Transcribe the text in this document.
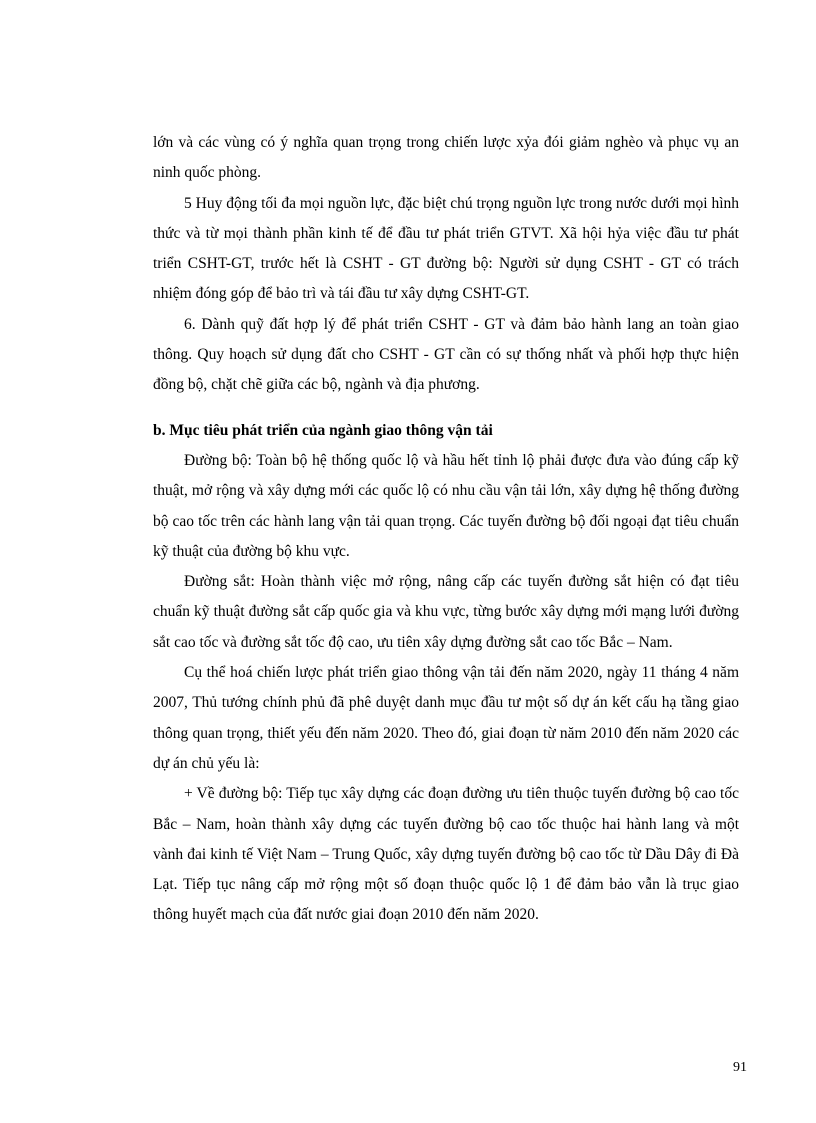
lớn và các vùng có ý nghĩa quan trọng trong chiến lược xỷa đói giảm nghèo và phục vụ an ninh quốc phòng.

5 Huy động tối đa mọi nguồn lực, đặc biệt chú trọng nguồn lực trong nước dưới mọi hình thức và từ mọi thành phần kinh tế để đầu tư phát triển GTVT. Xã hội hỷa việc đầu tư phát triển CSHT-GT, trước hết là CSHT - GT đường bộ: Người sử dụng CSHT - GT có trách nhiệm đóng góp để bảo trì và tái đầu tư xây dựng CSHT-GT.

6. Dành quỹ đất hợp lý để phát triển CSHT - GT và đảm bảo hành lang an toàn giao thông. Quy hoạch sử dụng đất cho CSHT - GT cần có sự thống nhất và phối hợp thực hiện đồng bộ, chặt chẽ giữa các bộ, ngành và địa phương.

b. Mục tiêu phát triển của ngành giao thông vận tải

Đường bộ: Toàn bộ hệ thống quốc lộ và hầu hết tỉnh lộ phải được đưa vào đúng cấp kỹ thuật, mở rộng và xây dựng mới các quốc lộ có nhu cầu vận tải lớn, xây dựng hệ thống đường bộ cao tốc trên các hành lang vận tải quan trọng. Các tuyến đường bộ đối ngoại đạt tiêu chuẩn kỹ thuật của đường bộ khu vực.

Đường sắt: Hoàn thành việc mở rộng, nâng cấp các tuyến đường sắt hiện có đạt tiêu chuẩn kỹ thuật đường sắt cấp quốc gia và khu vực, từng bước xây dựng mới mạng lưới đường sắt cao tốc và đường sắt tốc độ cao, ưu tiên xây dựng đường sắt cao tốc Bắc – Nam.

Cụ thể hoá chiến lược phát triển giao thông vận tải đến năm 2020, ngày 11 tháng 4 năm 2007, Thủ tướng chính phủ đã phê duyệt danh mục đầu tư một số dự án kết cấu hạ tầng giao thông quan trọng, thiết yếu đến năm 2020. Theo đó, giai đoạn từ năm 2010 đến năm 2020 các dự án chủ yếu là:

+ Về đường bộ: Tiếp tục xây dựng các đoạn đường ưu tiên thuộc tuyến đường bộ cao tốc Bắc – Nam, hoàn thành xây dựng các tuyến đường bộ cao tốc thuộc hai hành lang và một vành đai kinh tế Việt Nam – Trung Quốc, xây dựng tuyến đường bộ cao tốc từ Dầu Dây đi Đà Lạt. Tiếp tục nâng cấp mở rộng một số đoạn thuộc quốc lộ 1 để đảm bảo vẫn là trục giao thông huyết mạch của đất nước giai đoạn 2010 đến năm 2020.

91
